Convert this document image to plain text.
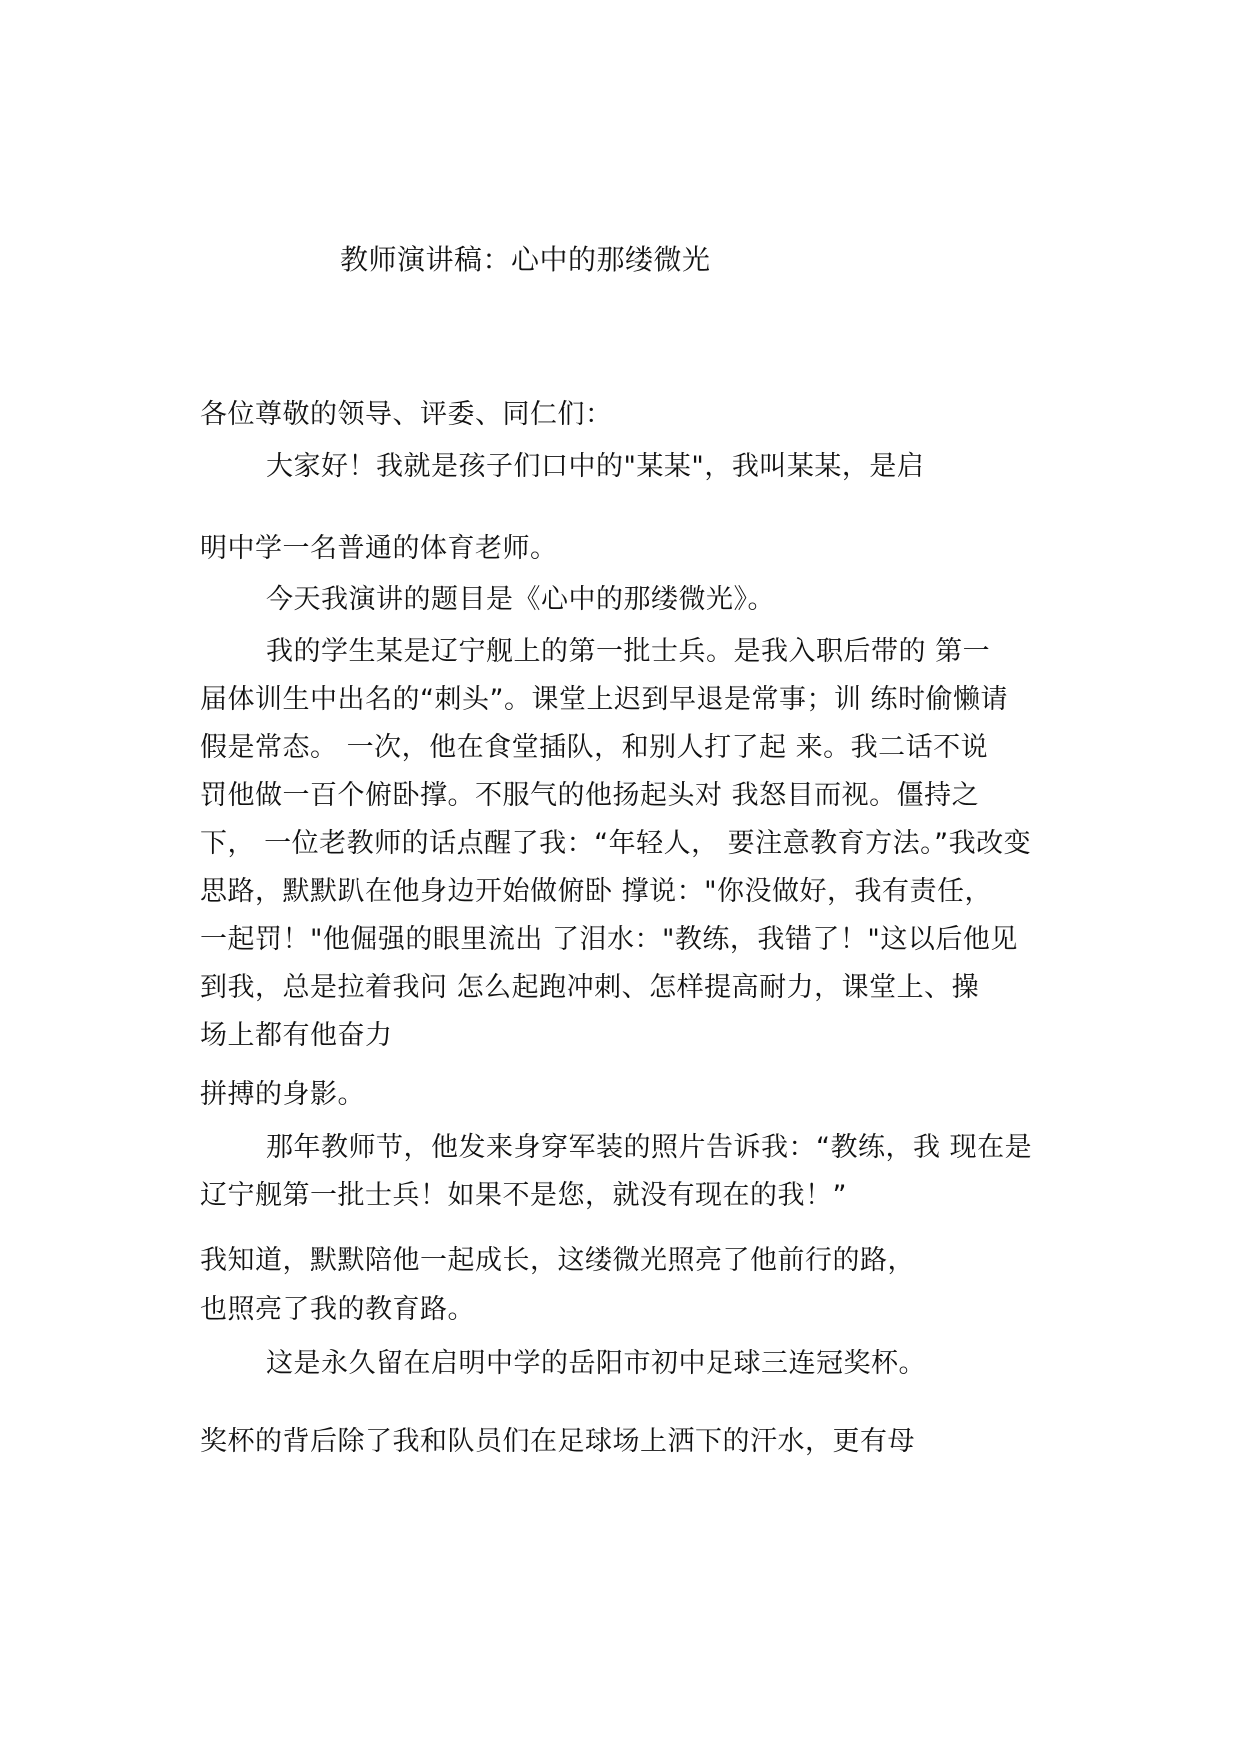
教师演讲稿：心中的那缕微光
各位尊敬的领导、评委、同仁们：
大家好！我就是孩子们口中的"某某"，我叫某某，是启
明中学一名普通的体育老师。
今天我演讲的题目是《心中的那缕微光》。
我的学生某是辽宁舰上的第一批士兵。是我入职后带的 第一
届体训生中出名的“刺头”。课堂上迟到早退是常事；训 练时偷懒请
假是常态。 一次，他在食堂插队，和别人打了起 来。我二话不说
罚他做一百个俯卧撑。不服气的他扬起头对 我怒目而视。僵持之
下， 一位老教师的话点醒了我：“年轻人， 要注意教育方法。”我改变
思路，默默趴在他身边开始做俯卧 撑说："你没做好，我有责任，
一起罚！"他倔强的眼里流出 了泪水："教练，我错了！"这以后他见
到我，总是拉着我问 怎么起跑冲刺、怎样提高耐力，课堂上、操
场上都有他奋力
拼搏的身影。
那年教师节，他发来身穿军装的照片告诉我：“教练，我 现在是
辽宁舰第一批士兵！如果不是您，就没有现在的我！”
我知道，默默陪他一起成长，这缕微光照亮了他前行的路，
也照亮了我的教育路。
这是永久留在启明中学的岳阳市初中足球三连冠奖杯。
奖杯的背后除了我和队员们在足球场上洒下的汗水，更有母
